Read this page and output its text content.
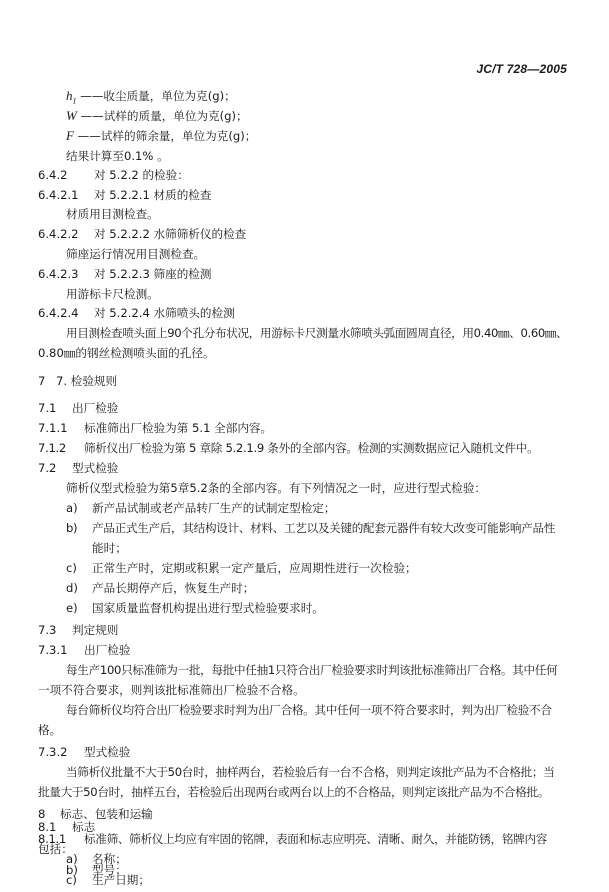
JC/T 728—2005
$h_1$ ——收尘质量，单位为克(g)；
W ——试样的质量，单位为克(g)；
F ——试样的筛余量，单位为克(g)；
结果计算至0.1% 。
6.4.2 对 5.2.2 的检验：
6.4.2.1 对 5.2.2.1 材质的检查
材质用目测检查。
6.4.2.2 对 5.2.2.2 水筛筛析仪的检查
筛座运行情况用目测检查。
6.4.2.3 对 5.2.2.3 筛座的检测
用游标卡尺检测。
6.4.2.4 对 5.2.2.4 水筛喷头的检测
用目测检查喷头面上90个孔分布状况，用游标卡尺测量水筛喷头弧面圆周直径，用0.40㎜、0.60㎜、
0.80㎜的钢丝检测喷头面的孔径。
7 7. 检验规则
7.1 出厂检验
7.1.1 标准筛出厂检验为第 5.1 全部内容。
7.1.2 筛析仪出厂检验为第 5 章除 5.2.1.9 条外的全部内容。检测的实测数据应记入随机文件中。
7.2 型式检验
筛析仪型式检验为第5章5.2条的全部内容。有下列情况之一时，应进行型式检验：
a) 新产品试制或老产品转厂生产的试制定型检定；
b) 产品正式生产后，其结构设计、材料、工艺以及关键的配套元器件有较大改变可能影响产品性
能时；
c) 正常生产时，定期或积累一定产量后，应周期性进行一次检验；
d) 产品长期停产后，恢复生产时；
e) 国家质量监督机构提出进行型式检验要求时。
7.3 判定规则
7.3.1 出厂检验
每生产100只标准筛为一批，每批中任抽1只符合出厂检验要求时判该批标准筛出厂合格。其中任何
一项不符合要求，则判该批标准筛出厂检验不合格。
每台筛析仪均符合出厂检验要求时判为出厂合格。其中任何一项不符合要求时，判为出厂检验不合
格。
7.3.2 型式检验
当筛析仪批量不大于50台时，抽样两台，若检验后有一台不合格，则判定该批产品为不合格批；当
批量大于50台时，抽样五台，若检验后出现两台或两台以上的不合格品，则判定该批产品为不合格批。
8 标志、包装和运输
8.1 标志
8.1.1 标准筛、筛析仪上均应有牢固的铭牌，表面和标志应明亮、清晰、耐久，并能防锈，铭牌内容
包括：
a) 名称；
b) 型号；
c) 生产日期；
